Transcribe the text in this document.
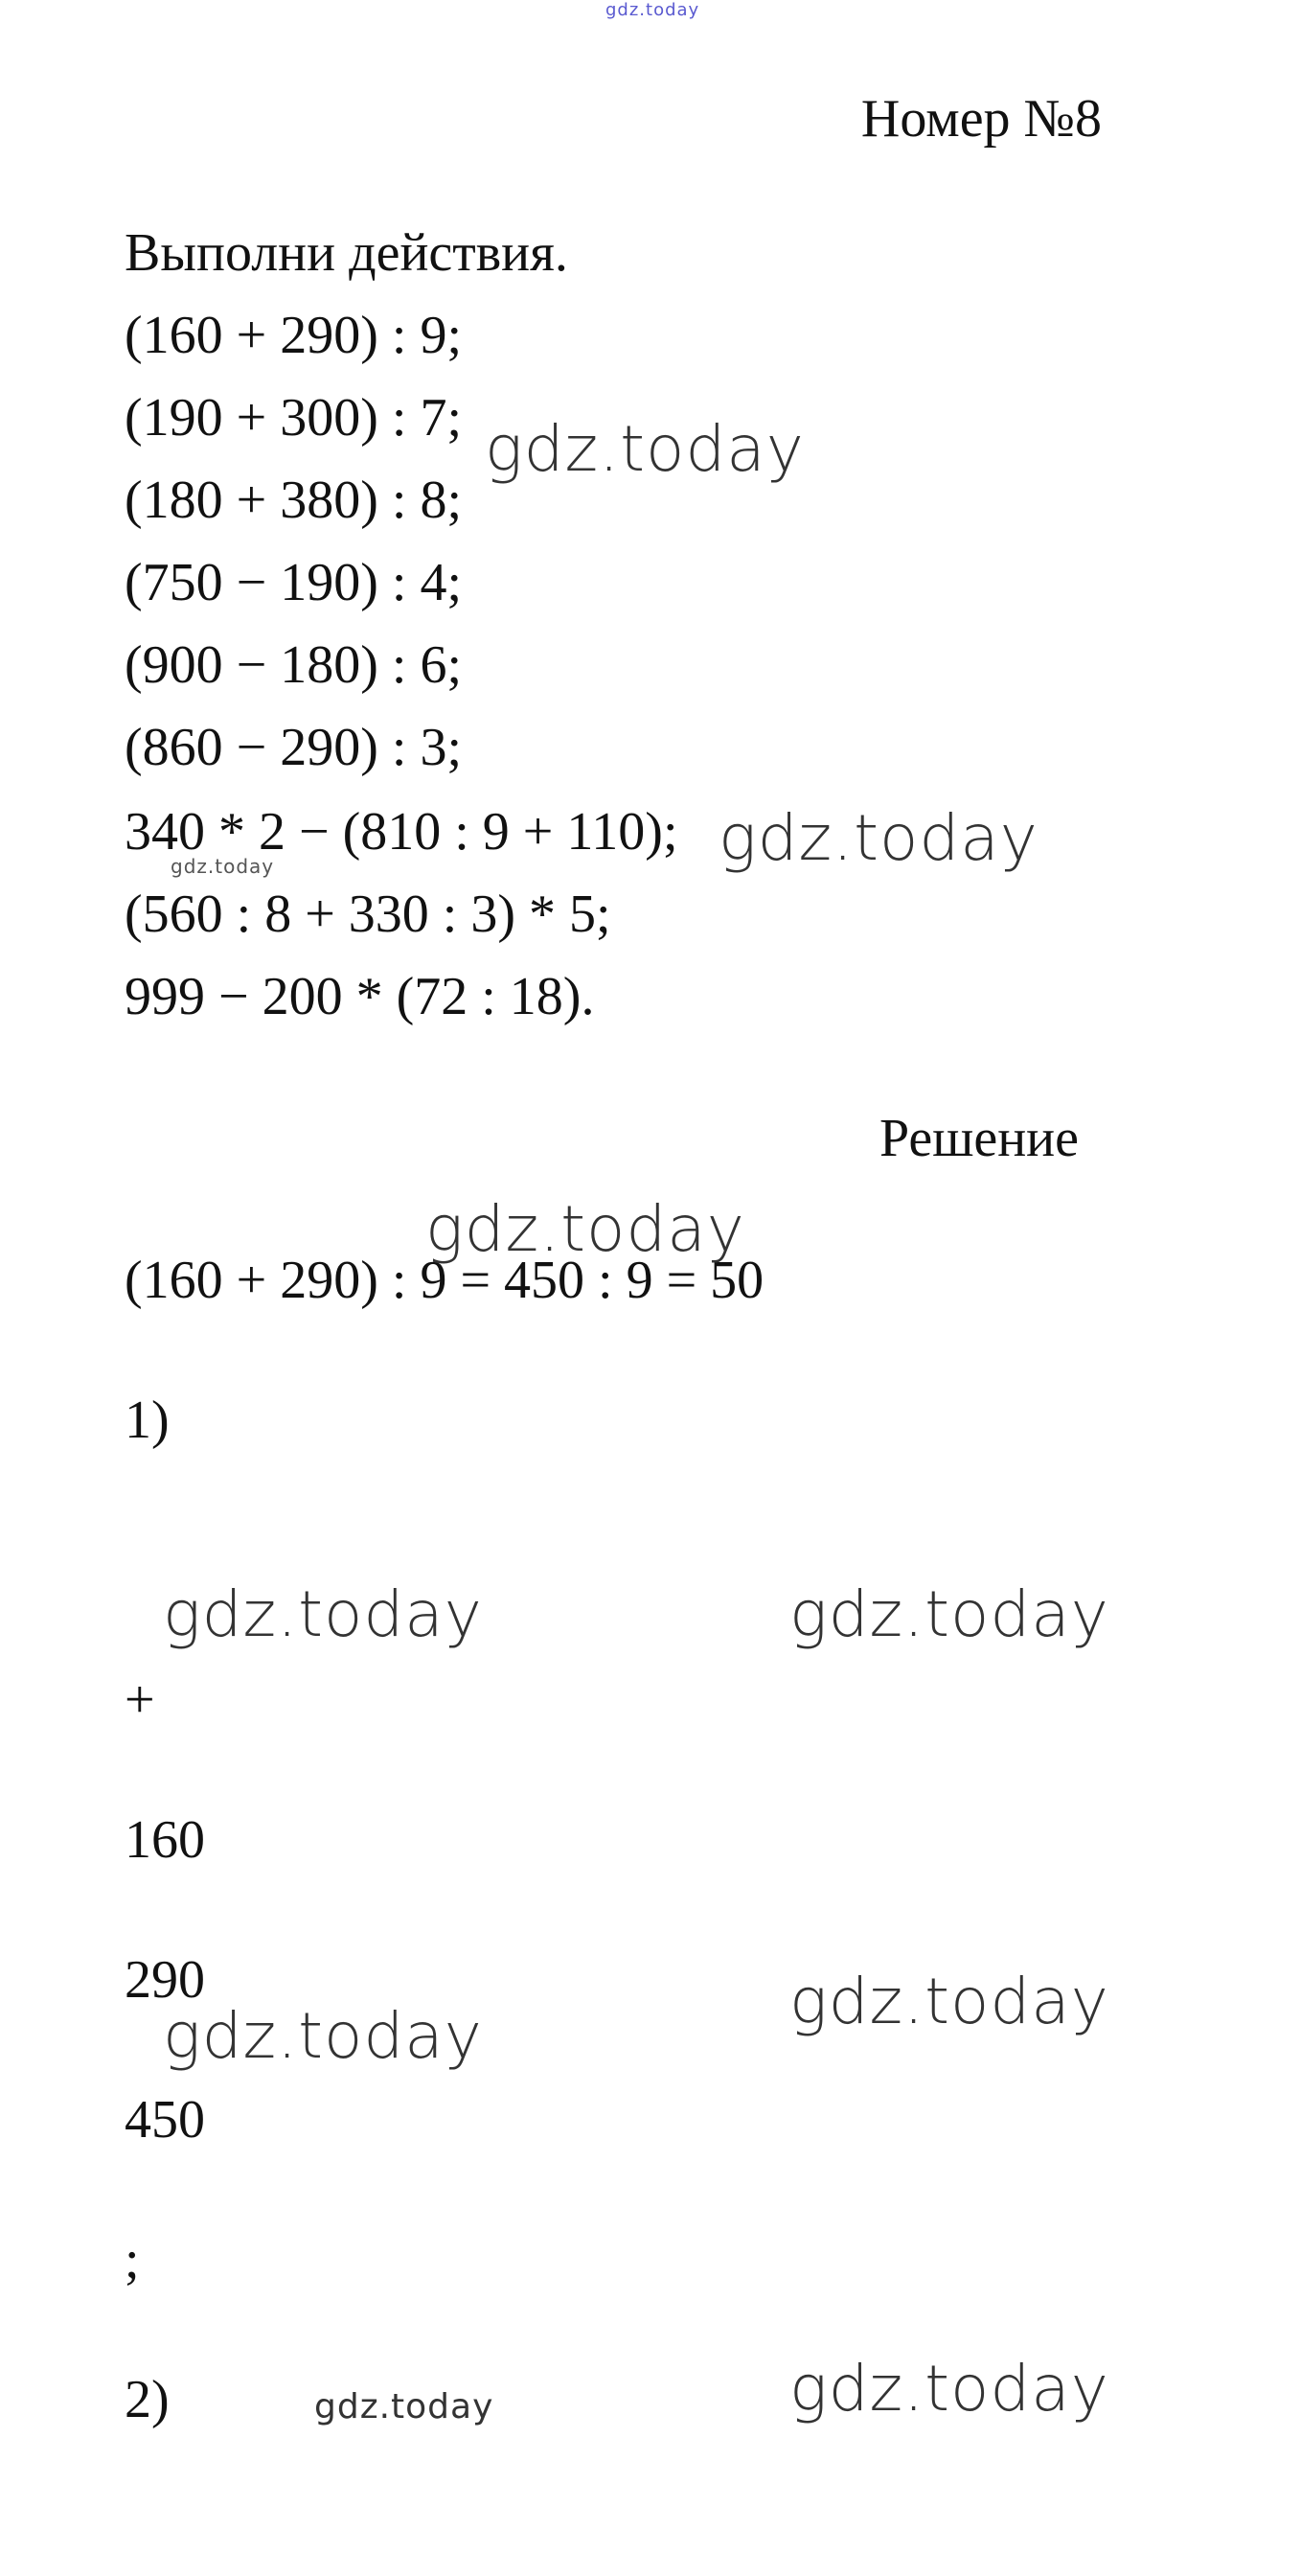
gdz.today
Номер №8
Выполни действия.
(160 + 290) : 9;
(190 + 300) : 7;
(180 + 380) : 8;
(750 − 190) : 4;
(900 − 180) : 6;
(860 − 290) : 3;
340 * 2 − (810 : 9 + 110);
(560 : 8 + 330 : 3) * 5;
999 − 200 * (72 : 18).
Решение
(160 + 290) : 9 = 450 : 9 = 50
1)
+
160
290
450
;
2)
gdz.today
gdz.today
gdz.today
gdz.today
gdz.today	gdz.today
gdz.today
gdz.today
gdz.today	gdz.today
